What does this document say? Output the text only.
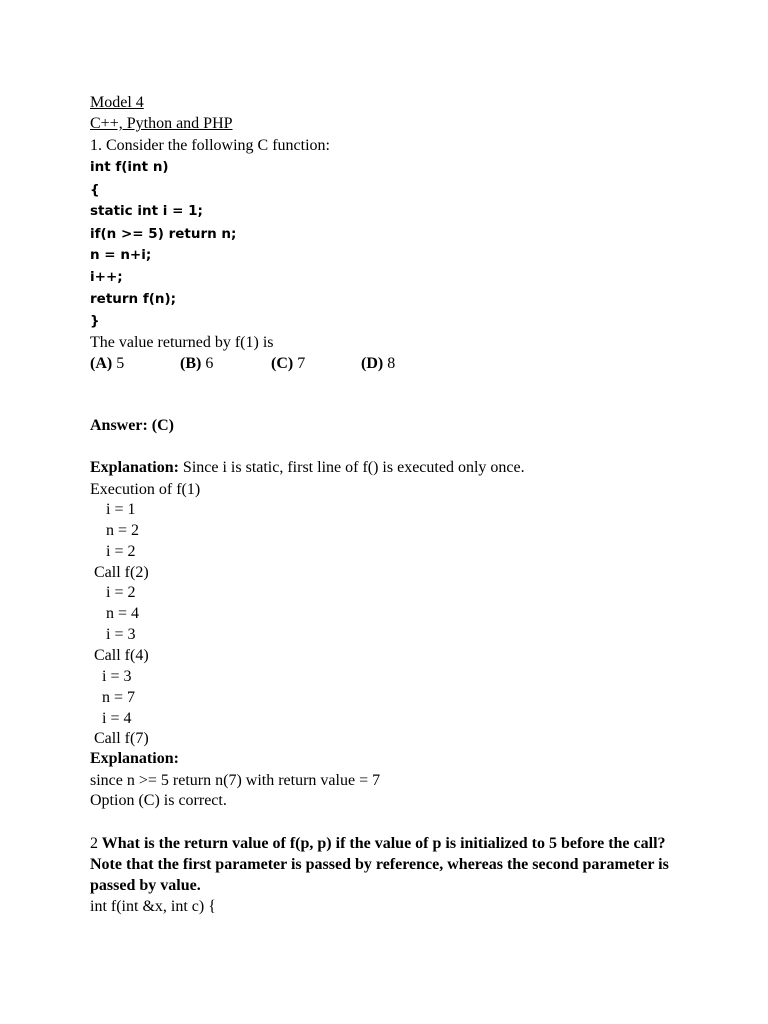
Model 4
C++, Python and PHP
1. Consider the following C function:
int f(int n)
{
static int i = 1;
if(n >= 5) return n;
n = n+i;
i++;
return f(n);
}
The value returned by f(1) is
(A) 5	(B) 6	(C) 7	(D) 8
Answer: (C)
Explanation: Since i is static, first line of f() is executed only once.
Execution of f(1)
i = 1
n = 2
i = 2
Call f(2)
i = 2
n = 4
i = 3
Call f(4)
i = 3
n = 7
i = 4
Call f(7)
Explanation:
since n >= 5 return n(7) with return value = 7
Option (C) is correct.
2 What is the return value of f(p, p) if the value of p is initialized to 5 before the call? Note that the first parameter is passed by reference, whereas the second parameter is passed by value.
int f(int &x, int c) {
